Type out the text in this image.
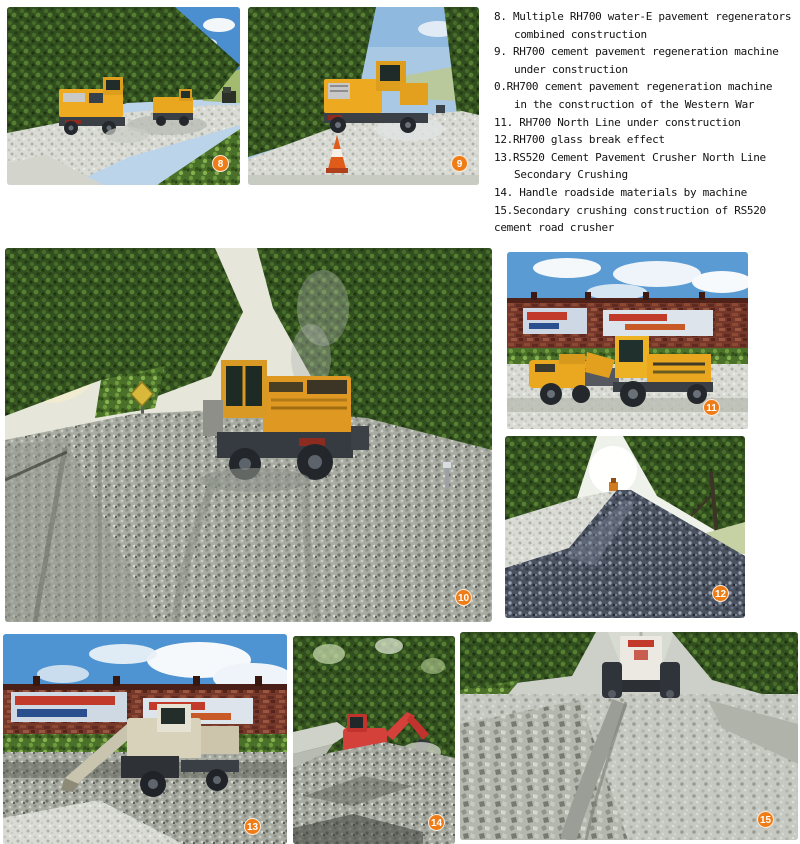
8. Multiple RH700 water-E pavement regenerators
combined construction
9. RH700 cement pavement regeneration machine
under construction
0.RH700 cement pavement regeneration machine
in the construction of the Western War
11. RH700 North Line under construction
12.RH700 glass break effect
13.RS520 Cement Pavement Crusher North Line
Secondary Crushing
14. Handle roadside materials by machine
15.Secondary crushing construction of RS520
cement road crusher
8	9
10
11
12
13	14	15
